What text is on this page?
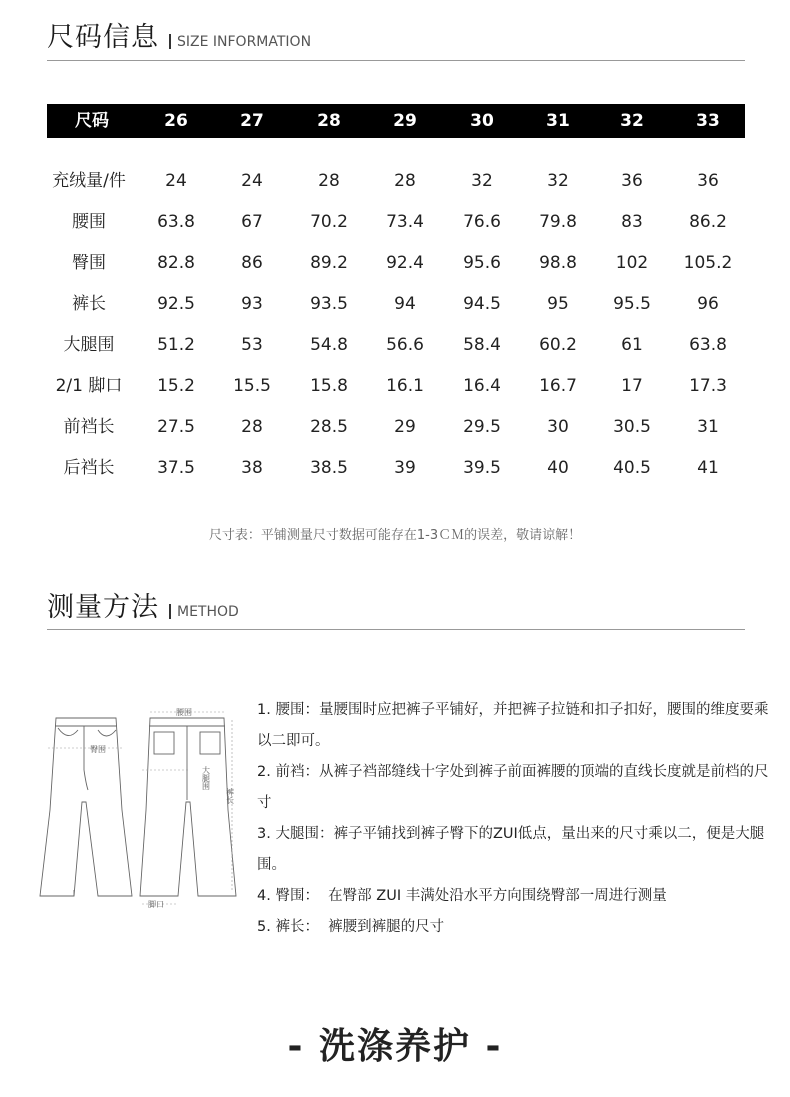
尺码信息 SIZE INFORMATION
尺码	26	27	28	29	30	31	32	33
充绒量/件	24	24	28	28	32	32	36	36
腰围	63.8	67	70.2	73.4	76.6	79.8	83	86.2
臀围	82.8	86	89.2	92.4	95.6	98.8	102	105.2
裤长	92.5	93	93.5	94	94.5	95	95.5	96
大腿围	51.2	53	54.8	56.6	58.4	60.2	61	63.8
2/1 脚口	15.2	15.5	15.8	16.1	16.4	16.7	17	17.3
前裆长	27.5	28	28.5	29	29.5	30	30.5	31
后裆长	37.5	38	38.5	39	39.5	40	40.5	41
尺寸表：平铺测量尺寸数据可能存在1-3ＣＭ的误差，敬请谅解！
测量方法 METHOD
腰围
臀围
大腿围
裤长
脚口
1. 腰围：量腰围时应把裤子平铺好，并把裤子拉链和扣子扣好，腰围的维度要乘以二即可。
2. 前裆：从裤子裆部缝线十字处到裤子前面裤腰的顶端的直线长度就是前档的尺寸
3. 大腿围：裤子平铺找到裤子臀下的ZUI低点，量出来的尺寸乘以二，便是大腿围。
4. 臀围：  在臀部 ZUI 丰满处沿水平方向围绕臀部一周进行测量
5. 裤长：  裤腰到裤腿的尺寸
- 洗涤养护 -
